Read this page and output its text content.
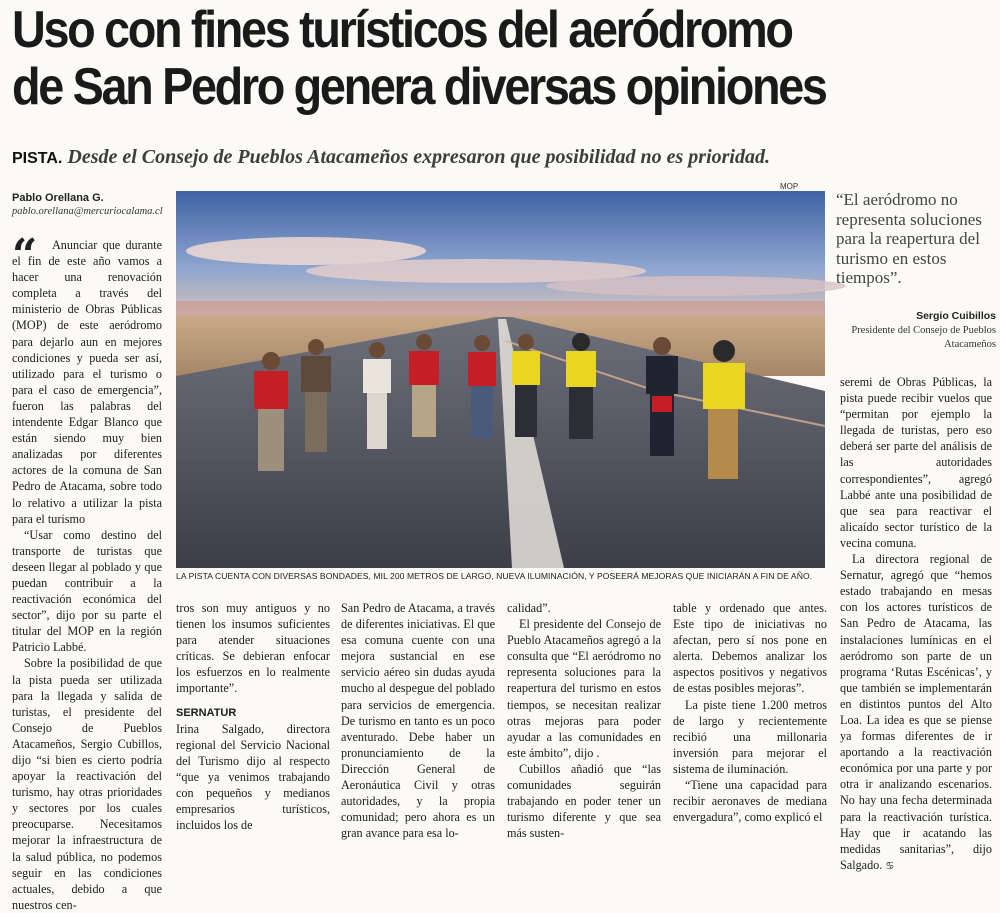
Uso con fines turísticos del aeródromo
de San Pedro genera diversas opiniones
PISTA. Desde el Consejo de Pueblos Atacameños expresaron que posibilidad no es prioridad.
Pablo Orellana G.
pablo.orellana@mercuriocalama.cl
“	Anunciar que durante el fin de este año vamos a hacer una renovación completa a través del ministerio de Obras Públicas (MOP) de este aeródromo para dejarlo aun en mejores condiciones y pueda ser así, utilizado para el turismo o para el caso de emergencia”, fueron las palabras del intendente Edgar Blanco que están siendo muy bien analizadas por diferentes actores de la comuna de San Pedro de Atacama, sobre todo lo relativo a utilizar la pista para el turismo

“Usar como destino del transporte de turistas que deseen llegar al poblado y que puedan contribuir a la reactivación económica del sector”, dijo por su parte el titular del MOP en la región Patricio Labbé.

Sobre la posibilidad de que la pista pueda ser utilizada para la llegada y salida de turistas, el presidente del Consejo de Pueblos Atacameños, Sergio Cubillos, dijo “si bien es cierto podría apoyar la reactivación del turismo, hay otras prioridades y sectores por los cuales preocuparse. Necesitamos mejorar la infraestructura de la salud pública, no podemos seguir en las condiciones actuales, debido a que nuestros cen-

MOP
LA PISTA CUENTA CON DIVERSAS BONDADES, MIL 200 METROS DE LARGO, NUEVA ILUMINACIÓN, Y POSEERÁ MEJORAS QUE INICIARÁN A FIN DE AÑO.
“El aeródromo no representa soluciones para la reapertura del turismo en estos tiempos”.
Sergio Cuibillos
Presidente del Consejo de Pueblos Atacameños

seremi de Obras Públicas, la pista puede recibir vuelos que “permitan por ejemplo la llegada de turistas, pero eso deberá ser parte del análisis de las autoridades correspondientes”, agregó Labbé ante una posibilidad de que sea para reactivar el alicaído sector turístico de la vecina comuna.

La directora regional de Sernatur, agregó que “hemos estado trabajando en mesas con los actores turísticos de San Pedro de Atacama, las instalaciones lumínicas en el aeródromo son parte de un programa ‘Rutas Escénicas’, y que también se implementarán en distintos puntos del Alto Loa. La idea es que se piense ya formas diferentes de ir aportando a la reactivación económica por una parte y por otra ir analizando escenarios. No hay una fecha determinada para la reactivación turística. Hay que ir acatando las medidas sanitarias”, dijo Salgado. ♋

tros son muy antiguos y no tienen los insumos suficientes para atender situaciones críticas. Se debieran enfocar los esfuerzos en lo realmente importante”.

SERNATUR

Irina Salgado, directora regional del Servicio Nacional del Turismo dijo al respecto “que ya venimos trabajando con pequeños y medianos empresarios turísticos, incluidos los de

San Pedro de Atacama, a través de diferentes iniciativas. El que esa comuna cuente con una mejora sustancial en ese servicio aéreo sin dudas ayuda mucho al despegue del poblado para servicios de emergencia. De turismo en tanto es un poco aventurado. Debe haber un pronunciamiento de la Dirección General de Aeronáutica Civil y otras autoridades, y la propia comunidad; pero ahora es un gran avance para esa lo-

calidad”.

El presidente del Consejo de Pueblo Atacameños agregó a la consulta que “El aeródromo no representa soluciones para la reapertura del turismo en estos tiempos, se necesitan realizar otras mejoras para poder ayudar a las comunidades en este ámbito”, dijo .

Cubillos añadió que “las comunidades seguirán trabajando en poder tener un turismo diferente y que sea más susten-

table y ordenado que antes. Este tipo de iniciativas no afectan, pero sí nos pone en alerta. Debemos analizar los aspectos positivos y negativos de estas posibles mejoras”.

La piste tiene 1.200 metros de largo y recientemente recibió una millonaria inversión para mejorar el sistema de iluminación.

“Tiene una capacidad para recibir aeronaves de mediana envergadura”, como explicó el
